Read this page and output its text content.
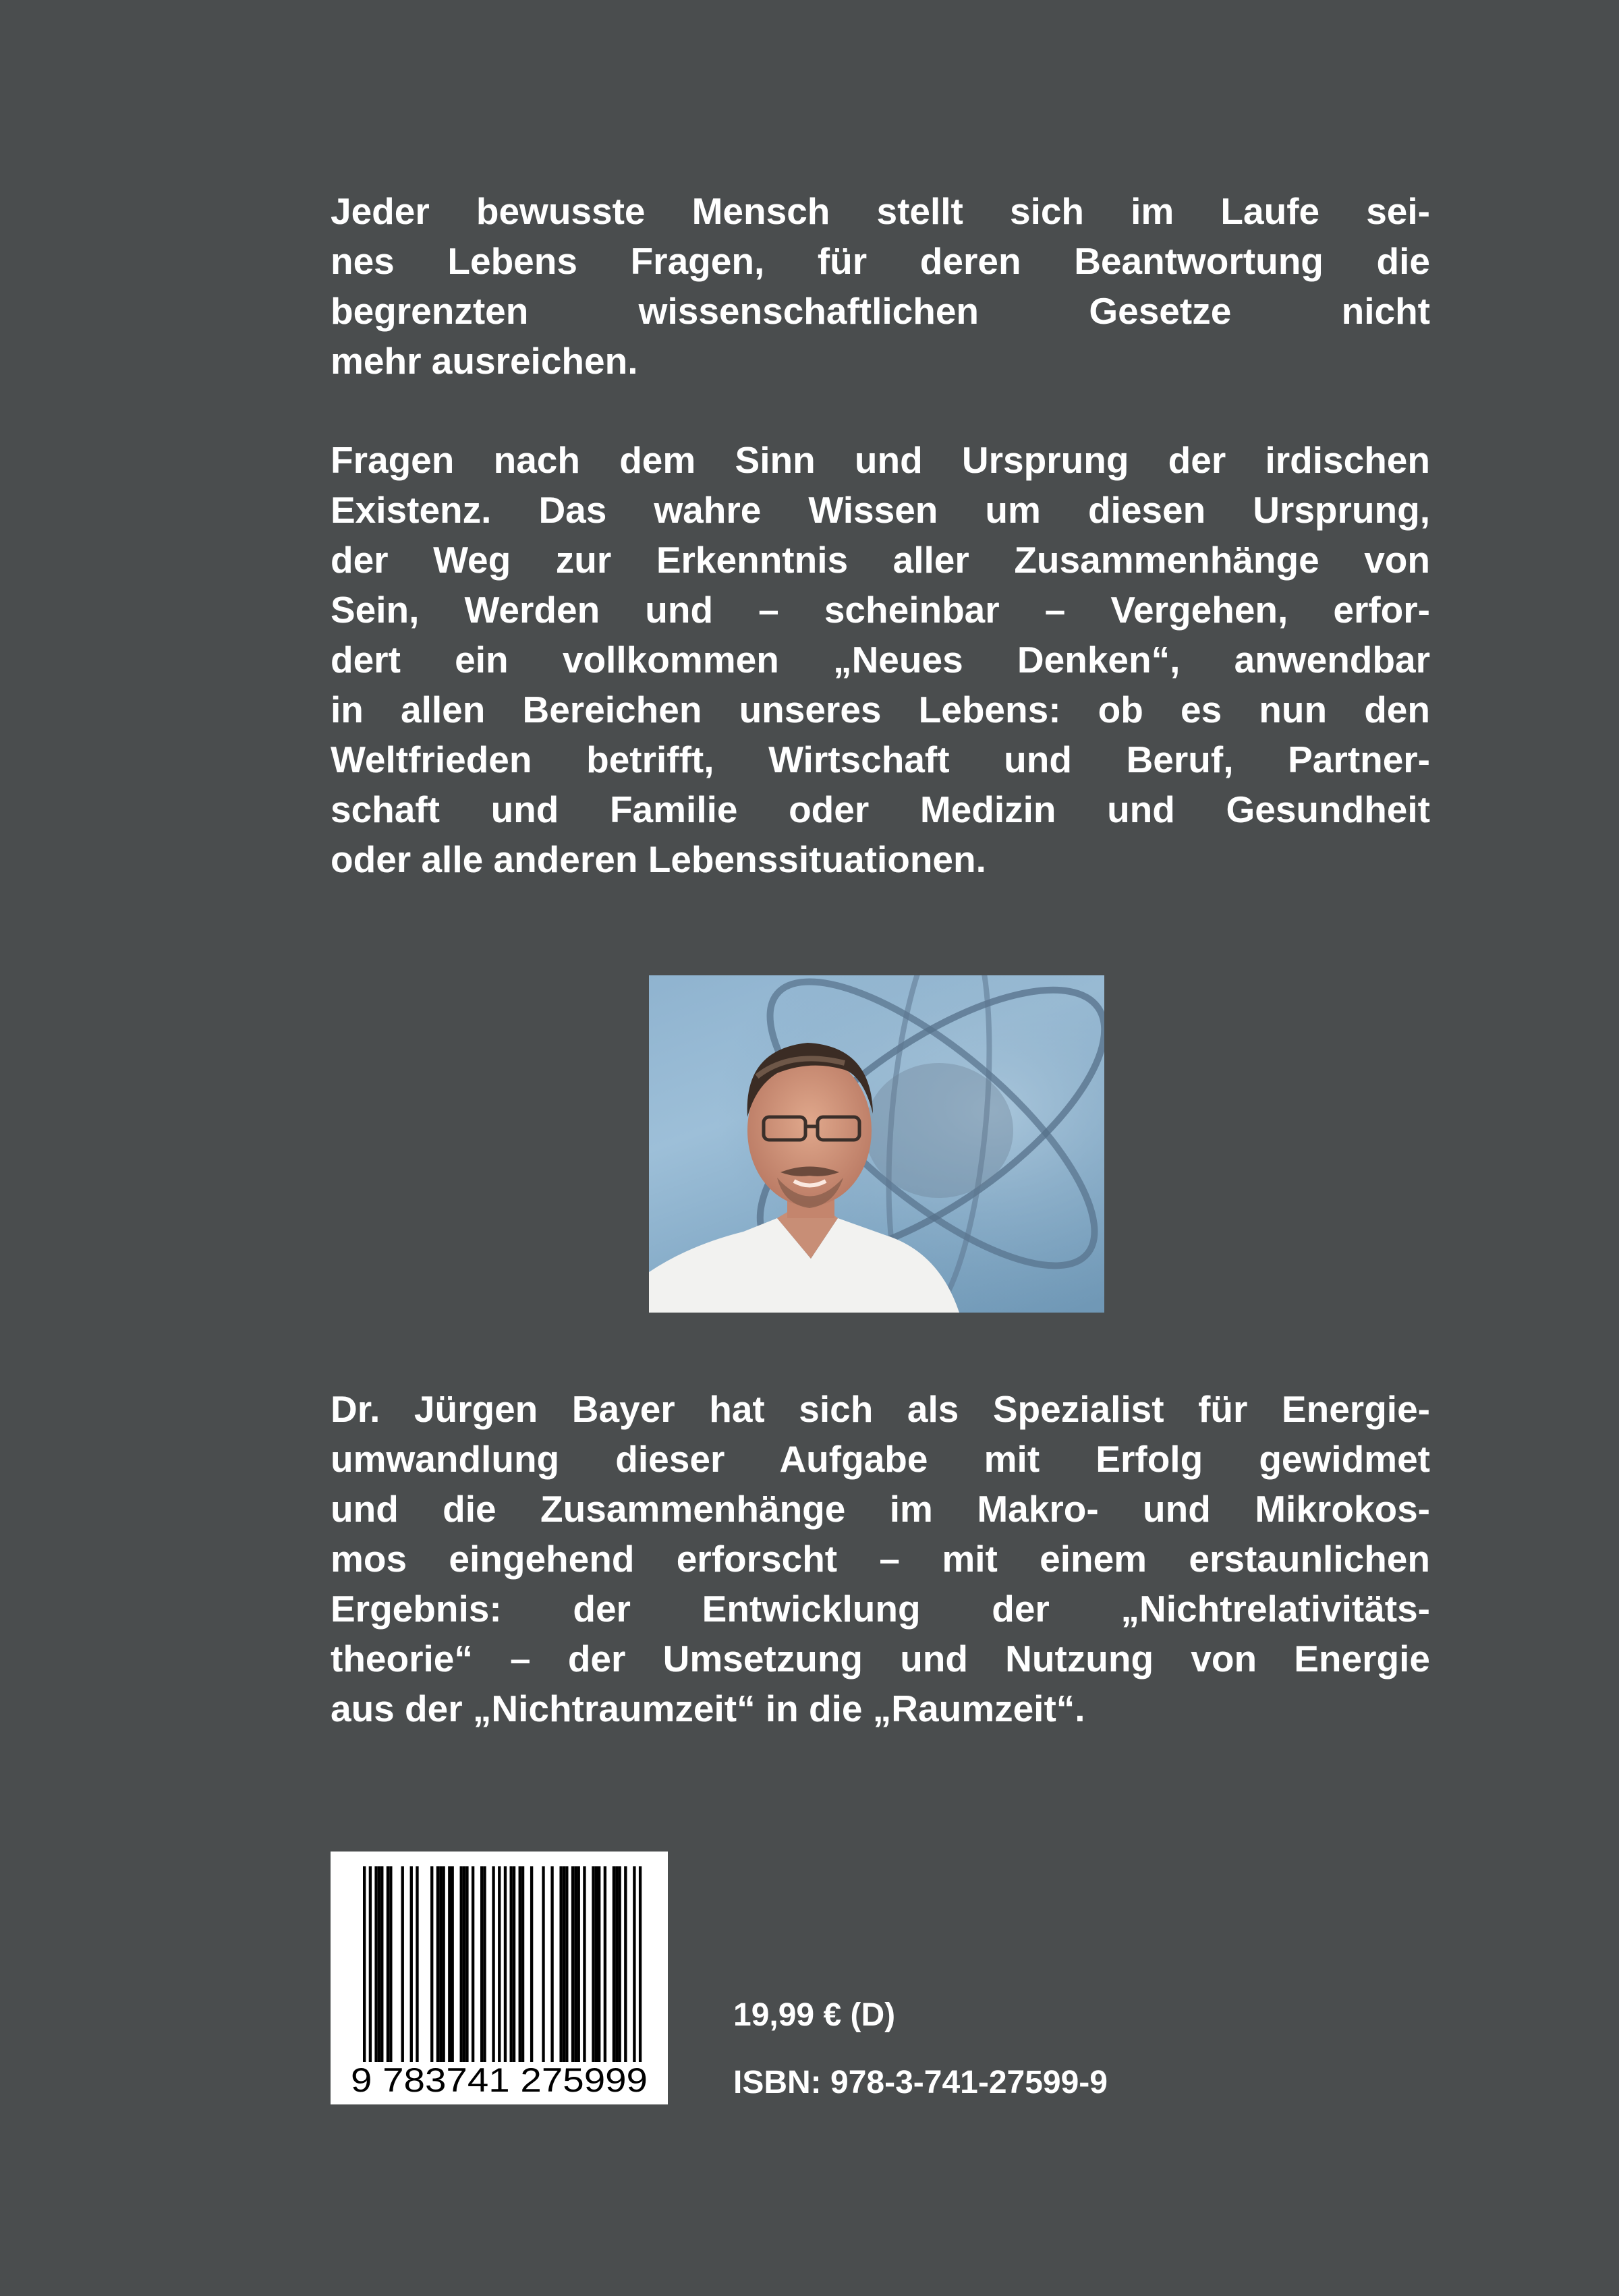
Jeder bewusste Mensch stellt sich im Laufe sei-
nes Lebens Fragen, für deren Beantwortung die
begrenzten wissenschaftlichen Gesetze nicht
mehr ausreichen.
Fragen nach dem Sinn und Ursprung der irdischen
Existenz. Das wahre Wissen um diesen Ursprung,
der Weg zur Erkenntnis aller Zusammenhänge von
Sein, Werden und – scheinbar – Vergehen, erfor-
dert ein vollkommen „Neues Denken“, anwendbar
in allen Bereichen unseres Lebens: ob es nun den
Weltfrieden betrifft, Wirtschaft und Beruf, Partner-
schaft und Familie oder Medizin und Gesundheit
oder alle anderen Lebenssituationen.
Dr. Jürgen Bayer hat sich als Spezialist für Energie-
umwandlung dieser Aufgabe mit Erfolg gewidmet
und die Zusammenhänge im Makro- und Mikrokos-
mos eingehend erforscht – mit einem erstaunlichen
Ergebnis: der Entwicklung der „Nichtrelativitäts-
theorie“ – der Umsetzung und Nutzung von Energie
aus der „Nichtraumzeit“ in die „Raumzeit“.
9 783741 275999

19,99 € (D)

ISBN: 978-3-741-27599-9
